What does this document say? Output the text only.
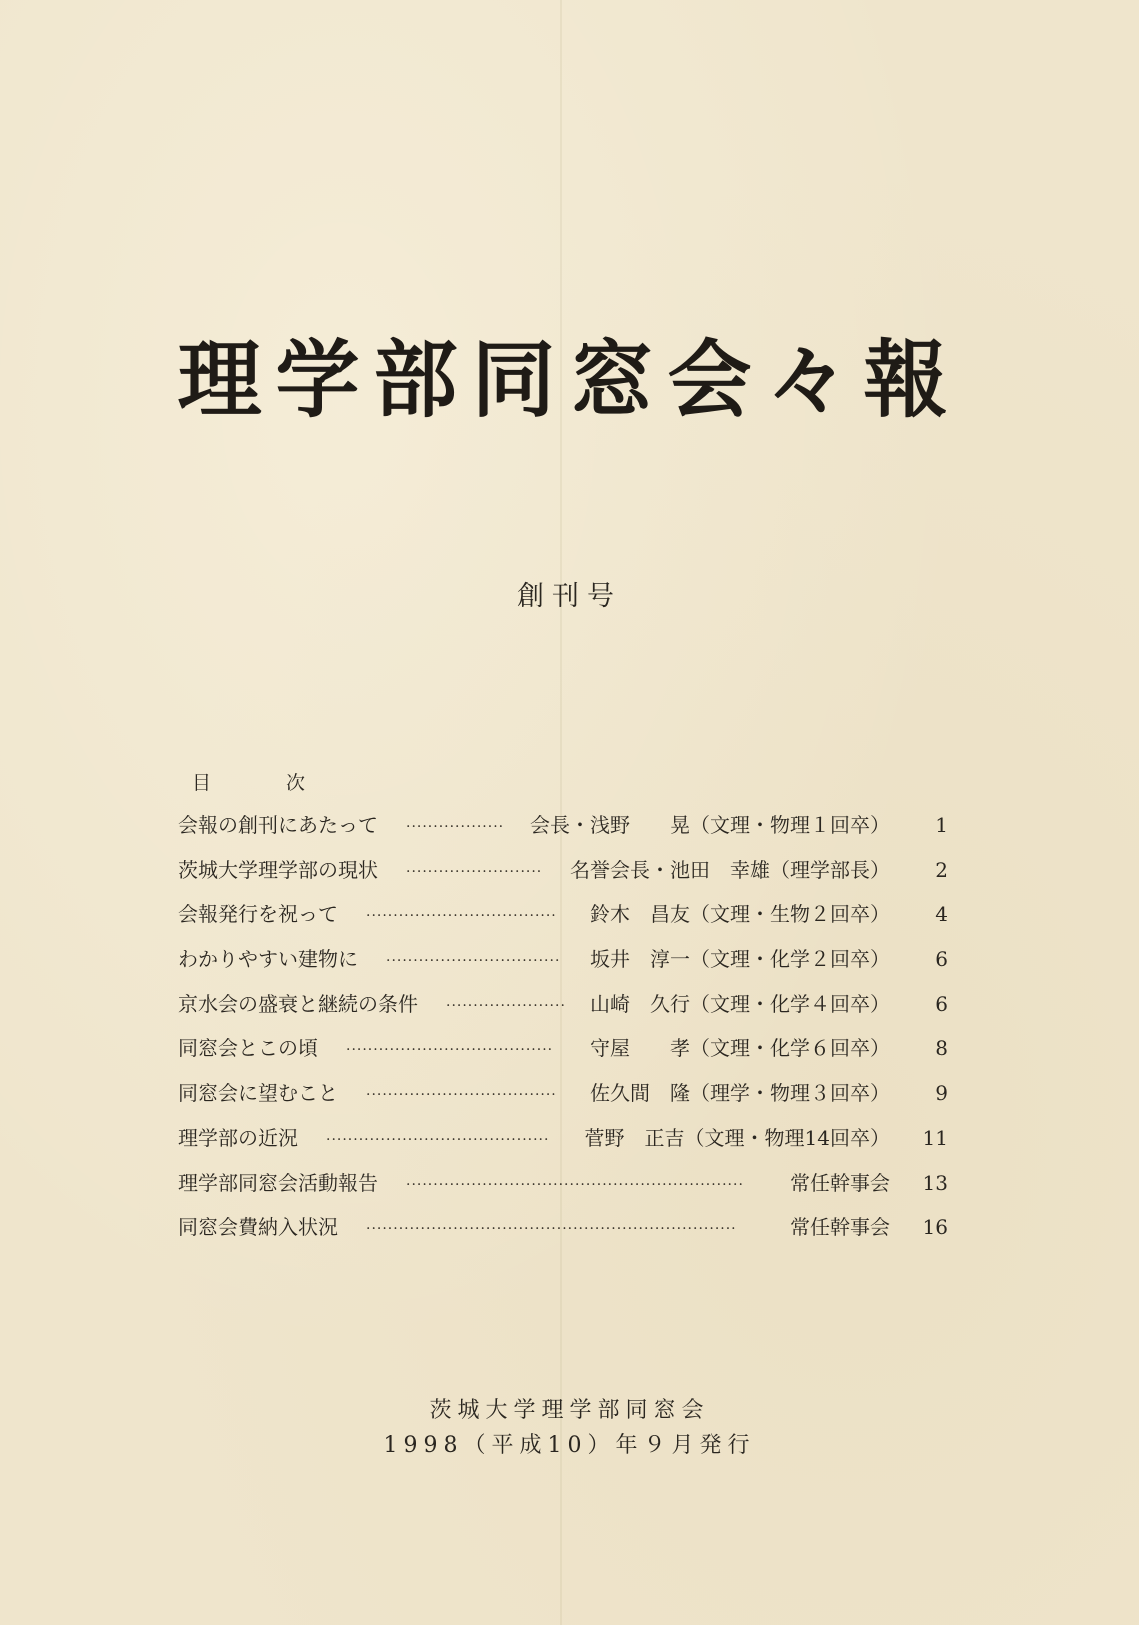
理学部同窓会々報
創刊号
目　次
会報の創刊にあたって ··················	会長・浅野　　晃（文理・物理１回卒）	1
茨城大学理学部の現状 ·························	名誉会長・池田　幸雄（理学部長）	2
会報発行を祝って ···································	鈴木　昌友（文理・生物２回卒）	4
わかりやすい建物に ································	坂井　淳一（文理・化学２回卒）	6
京水会の盛衰と継続の条件 ······················	山崎　久行（文理・化学４回卒）	6
同窓会とこの頃 ······································	守屋　　孝（文理・化学６回卒）	8
同窓会に望むこと ···································	佐久間　隆（理学・物理３回卒）	9
理学部の近況 ·········································	菅野　正吉（文理・物理14回卒）	11
理学部同窓会活動報告 ······························································	常任幹事会	13
同窓会費納入状況 ····································································	常任幹事会	16
茨城大学理学部同窓会
1998（平成10）年９月発行
